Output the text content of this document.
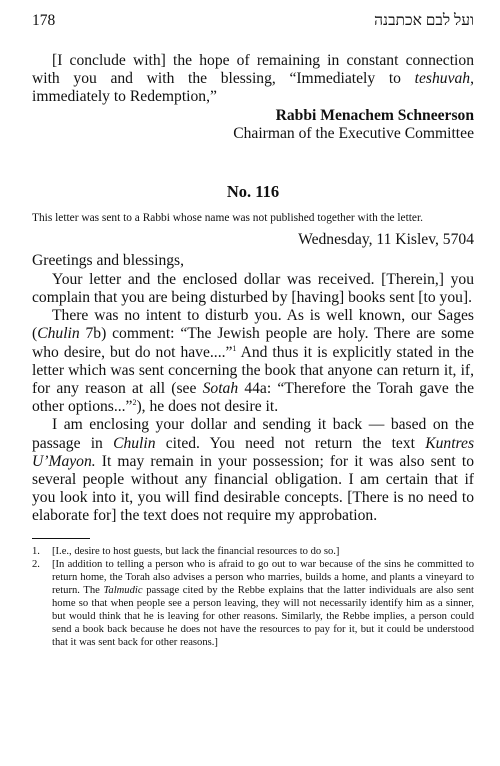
178	ועל לבם אכתבנה

[I conclude with] the hope of remaining in constant connection with you and with the blessing, “Immediately to teshuvah, immediately to Redemption,”

Rabbi Menachem Schneerson
Chairman of the Executive Committee
No. 116
This letter was sent to a Rabbi whose name was not published together with the letter.
Wednesday, 11 Kislev, 5704
Greetings and blessings,

Your letter and the enclosed dollar was received. [Therein,] you complain that you are being disturbed by [having] books sent [to you].

There was no intent to disturb you. As is well known, our Sages (Chulin 7b) comment: “The Jewish people are holy. There are some who desire, but do not have....”$^1$ And thus it is explicitly stated in the letter which was sent concerning the book that anyone can return it, if, for any reason at all (see Sotah 44a: “Therefore the Torah gave the other options...”$^2$), he does not desire it.

I am enclosing your dollar and sending it back — based on the passage in Chulin cited. You need not return the text Kuntres U’Mayon. It may remain in your possession; for it was also sent to several people without any financial obligation. I am certain that if you look into it, you will find desirable concepts. [There is no need to elaborate for] the text does not require my approbation.

1.	[I.e., desire to host guests, but lack the financial resources to do so.]
2.	[In addition to telling a person who is afraid to go out to war because of the sins he committed to return home, the Torah also advises a person who marries, builds a home, and plants a vineyard to return. The Talmudic passage cited by the Rebbe explains that the latter individuals are also sent home so that when people see a person leaving, they will not necessarily identify him as a sinner, but would think that he is leaving for other reasons. Similarly, the Rebbe implies, a person could send a book back because he does not have the resources to pay for it, but it could be understood that it was sent back for other reasons.]
